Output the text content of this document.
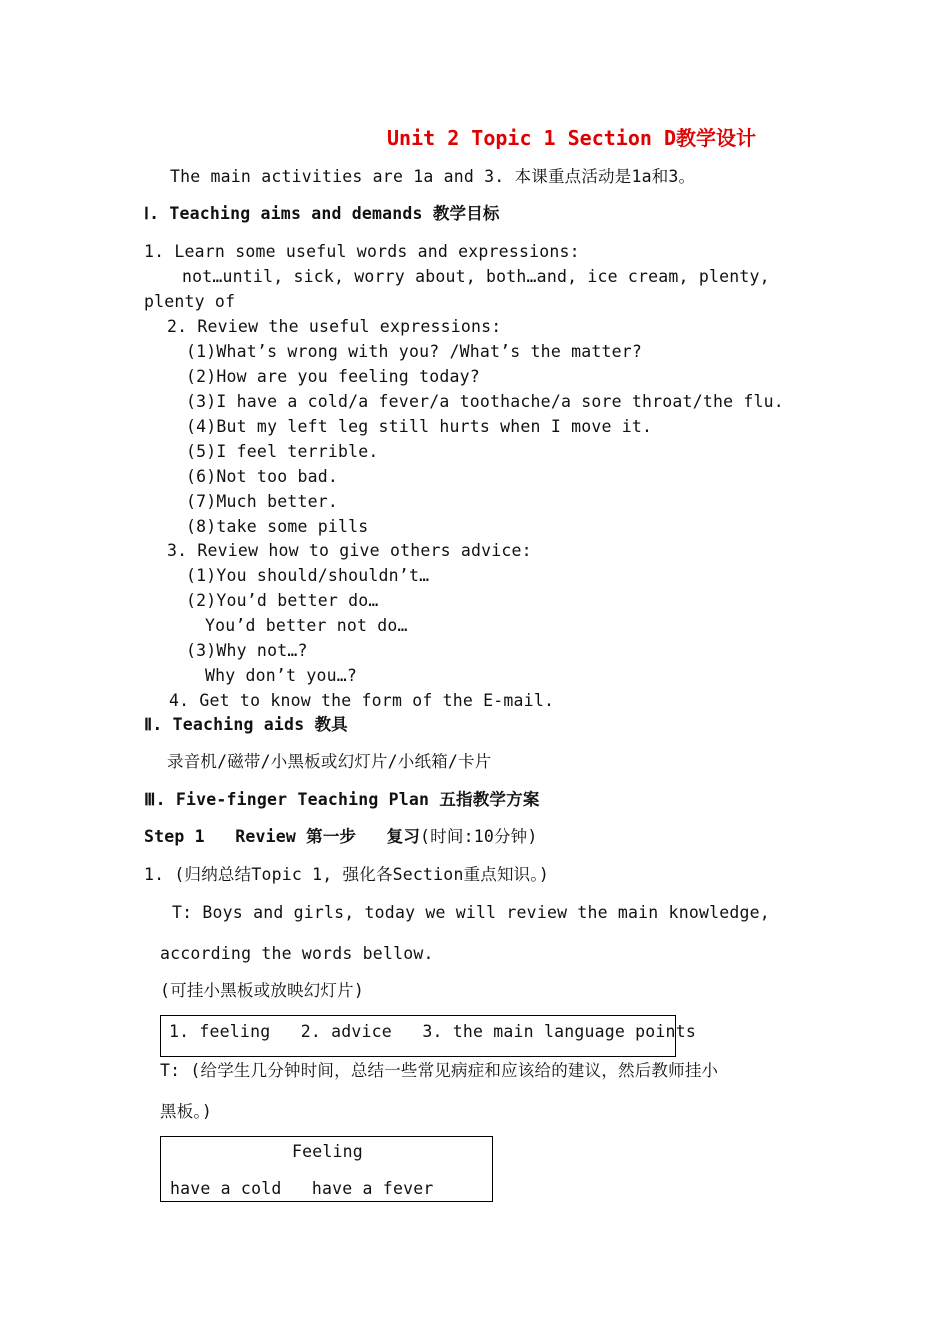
Unit 2 Topic 1 Section D教学设计
The main activities are 1a and 3. 本课重点活动是1a和3。
Ⅰ. Teaching aims and demands 教学目标
1. Learn some useful words and expressions:
not…until, sick, worry about, both…and, ice cream, plenty,
plenty of
2. Review the useful expressions:
(1)What’s wrong with you? /What’s the matter?
(2)How are you feeling today?
(3)I have a cold/a fever/a toothache/a sore throat/the flu.
(4)But my left leg still hurts when I move it.
(5)I feel terrible.
(6)Not too bad.
(7)Much better.
(8)take some pills
3. Review how to give others advice:
(1)You should/shouldn’t…
(2)You’d better do…
You’d better not do…
(3)Why not…?
Why don’t you…?
4. Get to know the form of the E-mail.
Ⅱ. Teaching aids 教具
录音机/磁带/小黑板或幻灯片/小纸箱/卡片
Ⅲ. Five-finger Teaching Plan 五指教学方案
Step 1   Review 第一步   复习(时间:10分钟)
1. (归纳总结Topic 1, 强化各Section重点知识。)
T: Boys and girls, today we will review the main knowledge,
according the words bellow.
(可挂小黑板或放映幻灯片)
1. feeling   2. advice   3. the main language points
T: (给学生几分钟时间，总结一些常见病症和应该给的建议，然后教师挂小
黑板。)
Feeling
have a cold   have a fever
